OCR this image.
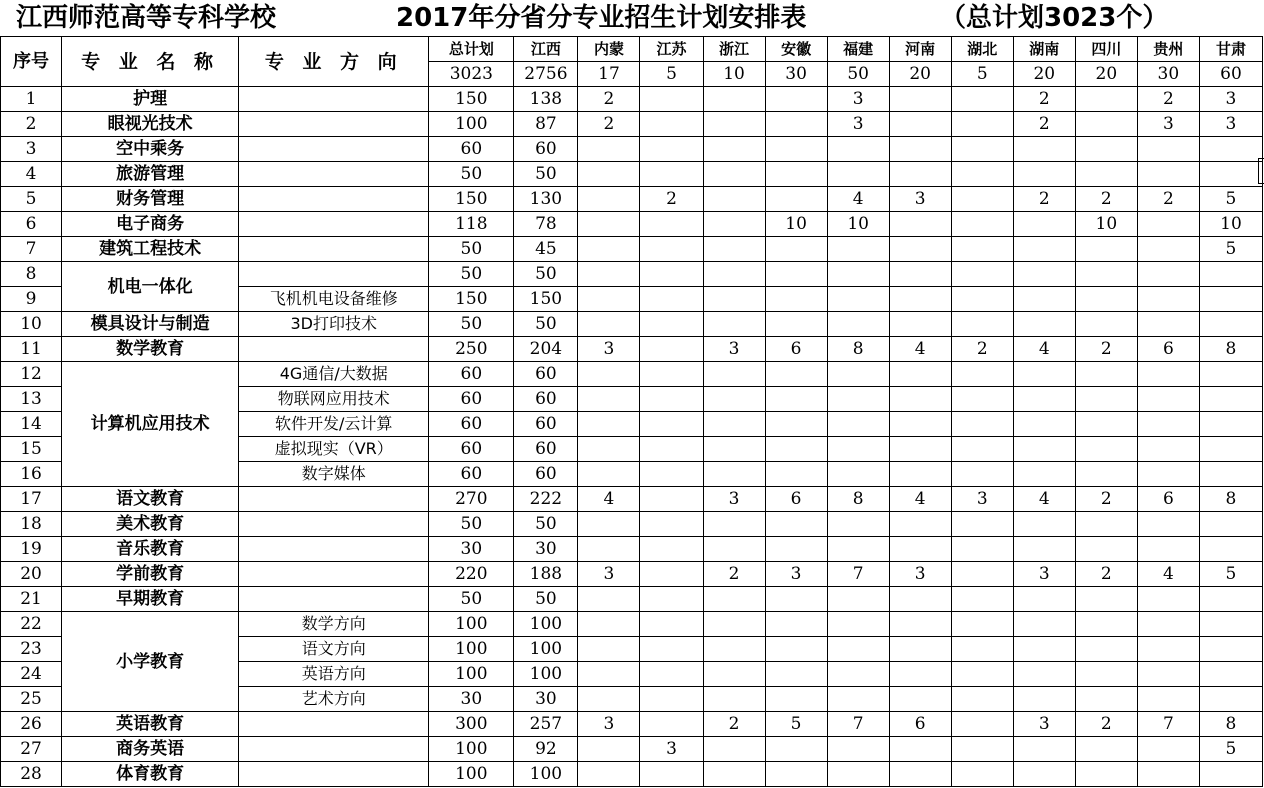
江西师范高等专科学校

	2017年分省分专业招生计划安排表

	（总计划3023个）

序号	专 业 名 称	专 业 方 向	总计划	江西	内蒙	江苏	浙江	安徽	福建	河南	湖北	湖南	四川	贵州	甘肃
			3023	2756	17	5	10	30	50	20	5	20	20	30	60
1	护理		150	138	2				3			2		2	3
2	眼视光技术		100	87	2				3			2		3	3
3	空中乘务		60	60											
4	旅游管理		50	50											
5	财务管理		150	130		2			4	3		2	2	2	5
6	电子商务		118	78				10	10				10		10
7	建筑工程技术		50	45											5
8	机电一体化		50	50											
9		飞机机电设备维修	150	150											
10	模具设计与制造	3D打印技术	50	50											
11	数学教育		250	204	3		3	6	8	4	2	4	2	6	8
12	计算机应用技术	4G通信/大数据	60	60											
13		物联网应用技术	60	60											
14		软件开发/云计算	60	60											
15		虚拟现实（VR）	60	60											
16		数字媒体	60	60											
17	语文教育		270	222	4		3	6	8	4	3	4	2	6	8
18	美术教育		50	50											
19	音乐教育		30	30											
20	学前教育		220	188	3		2	3	7	3		3	2	4	5
21	早期教育		50	50											
22	小学教育	数学方向	100	100											
23		语文方向	100	100											
24		英语方向	100	100											
25		艺术方向	30	30											
26	英语教育		300	257	3		2	5	7	6		3	2	7	8
27	商务英语		100	92		3									5
28	体育教育		100	100											
